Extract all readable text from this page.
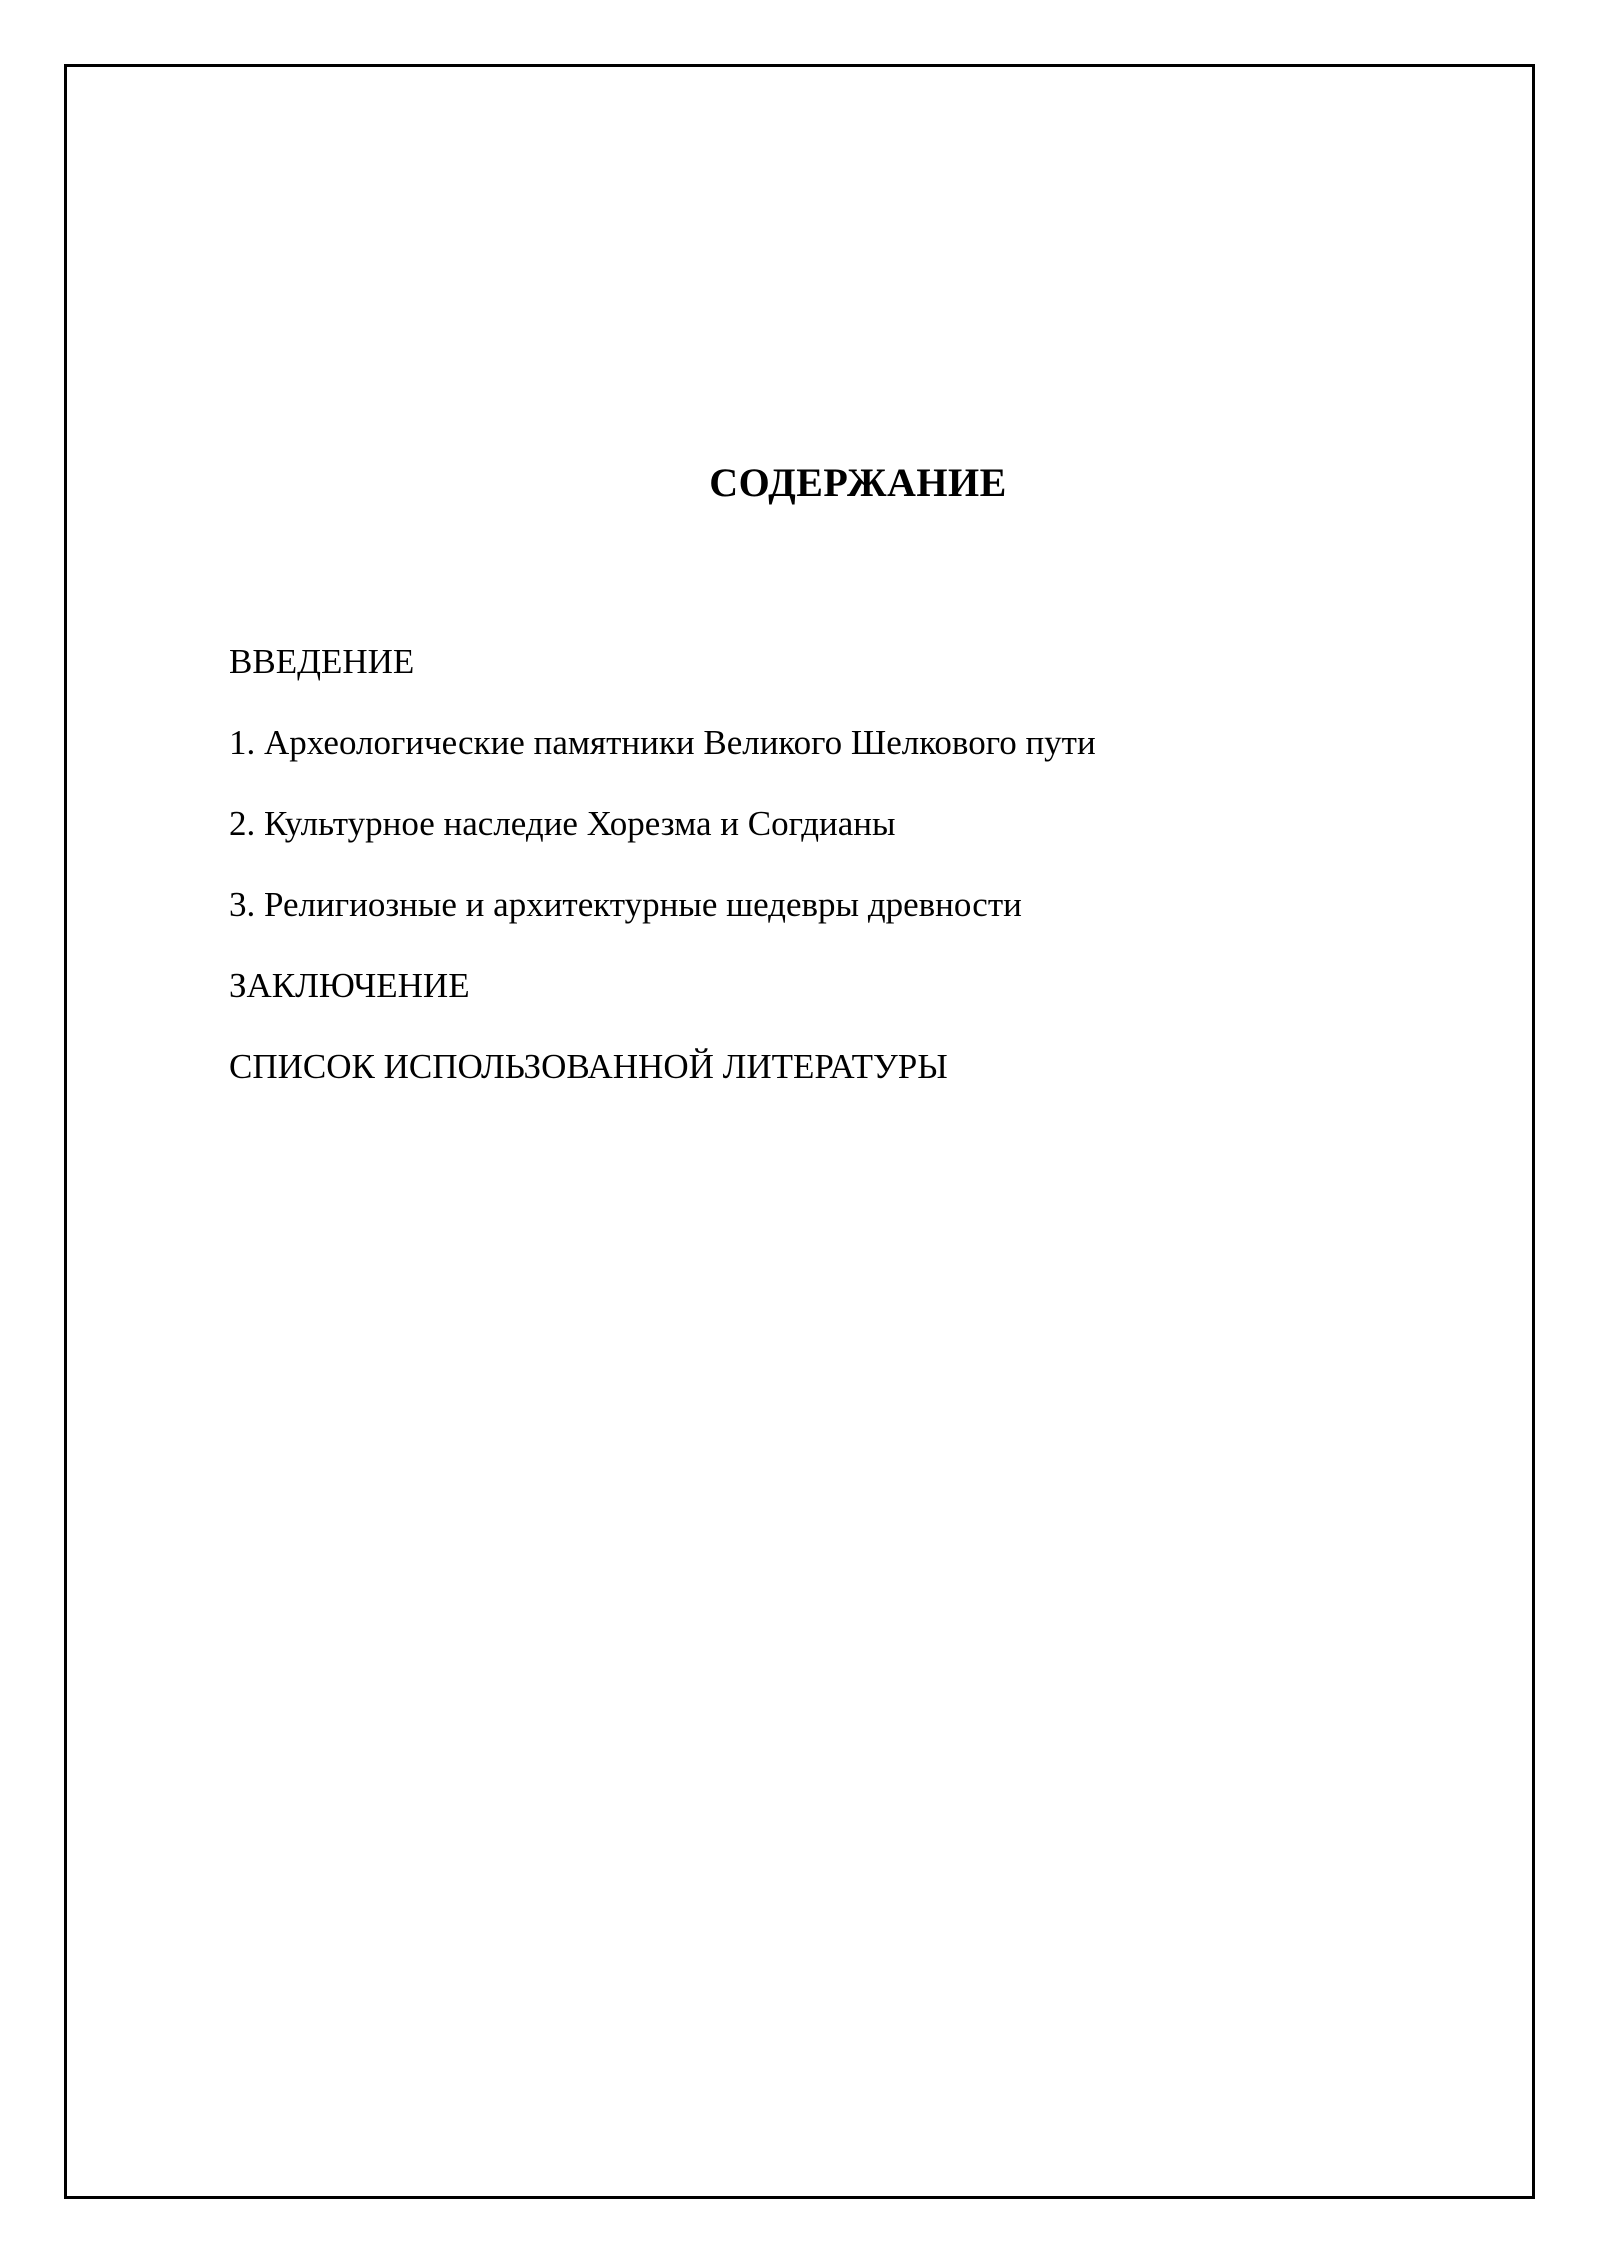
СОДЕРЖАНИЕ
ВВЕДЕНИЕ
1. Археологические памятники Великого Шелкового пути
2. Культурное наследие Хорезма и Согдианы
3. Религиозные и архитектурные шедевры древности
ЗАКЛЮЧЕНИЕ
СПИСОК ИСПОЛЬЗОВАННОЙ ЛИТЕРАТУРЫ
